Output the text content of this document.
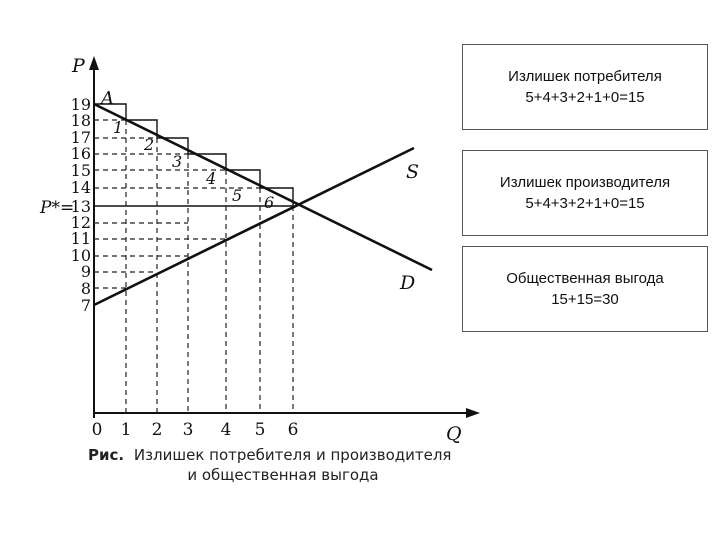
P
Q
P*=
19
18
17
16
15
14
13
12
11
10
9
8
7
0 1 2 3 4 5 6
1
2
3
4
5 6
A
S
D
Рис. Излишек потребителя и производителя
и общественная выгода
Излишек потребителя
5+4+3+2+1+0=15
Излишек производителя
5+4+3+2+1+0=15
Общественная выгода
15+15=30
